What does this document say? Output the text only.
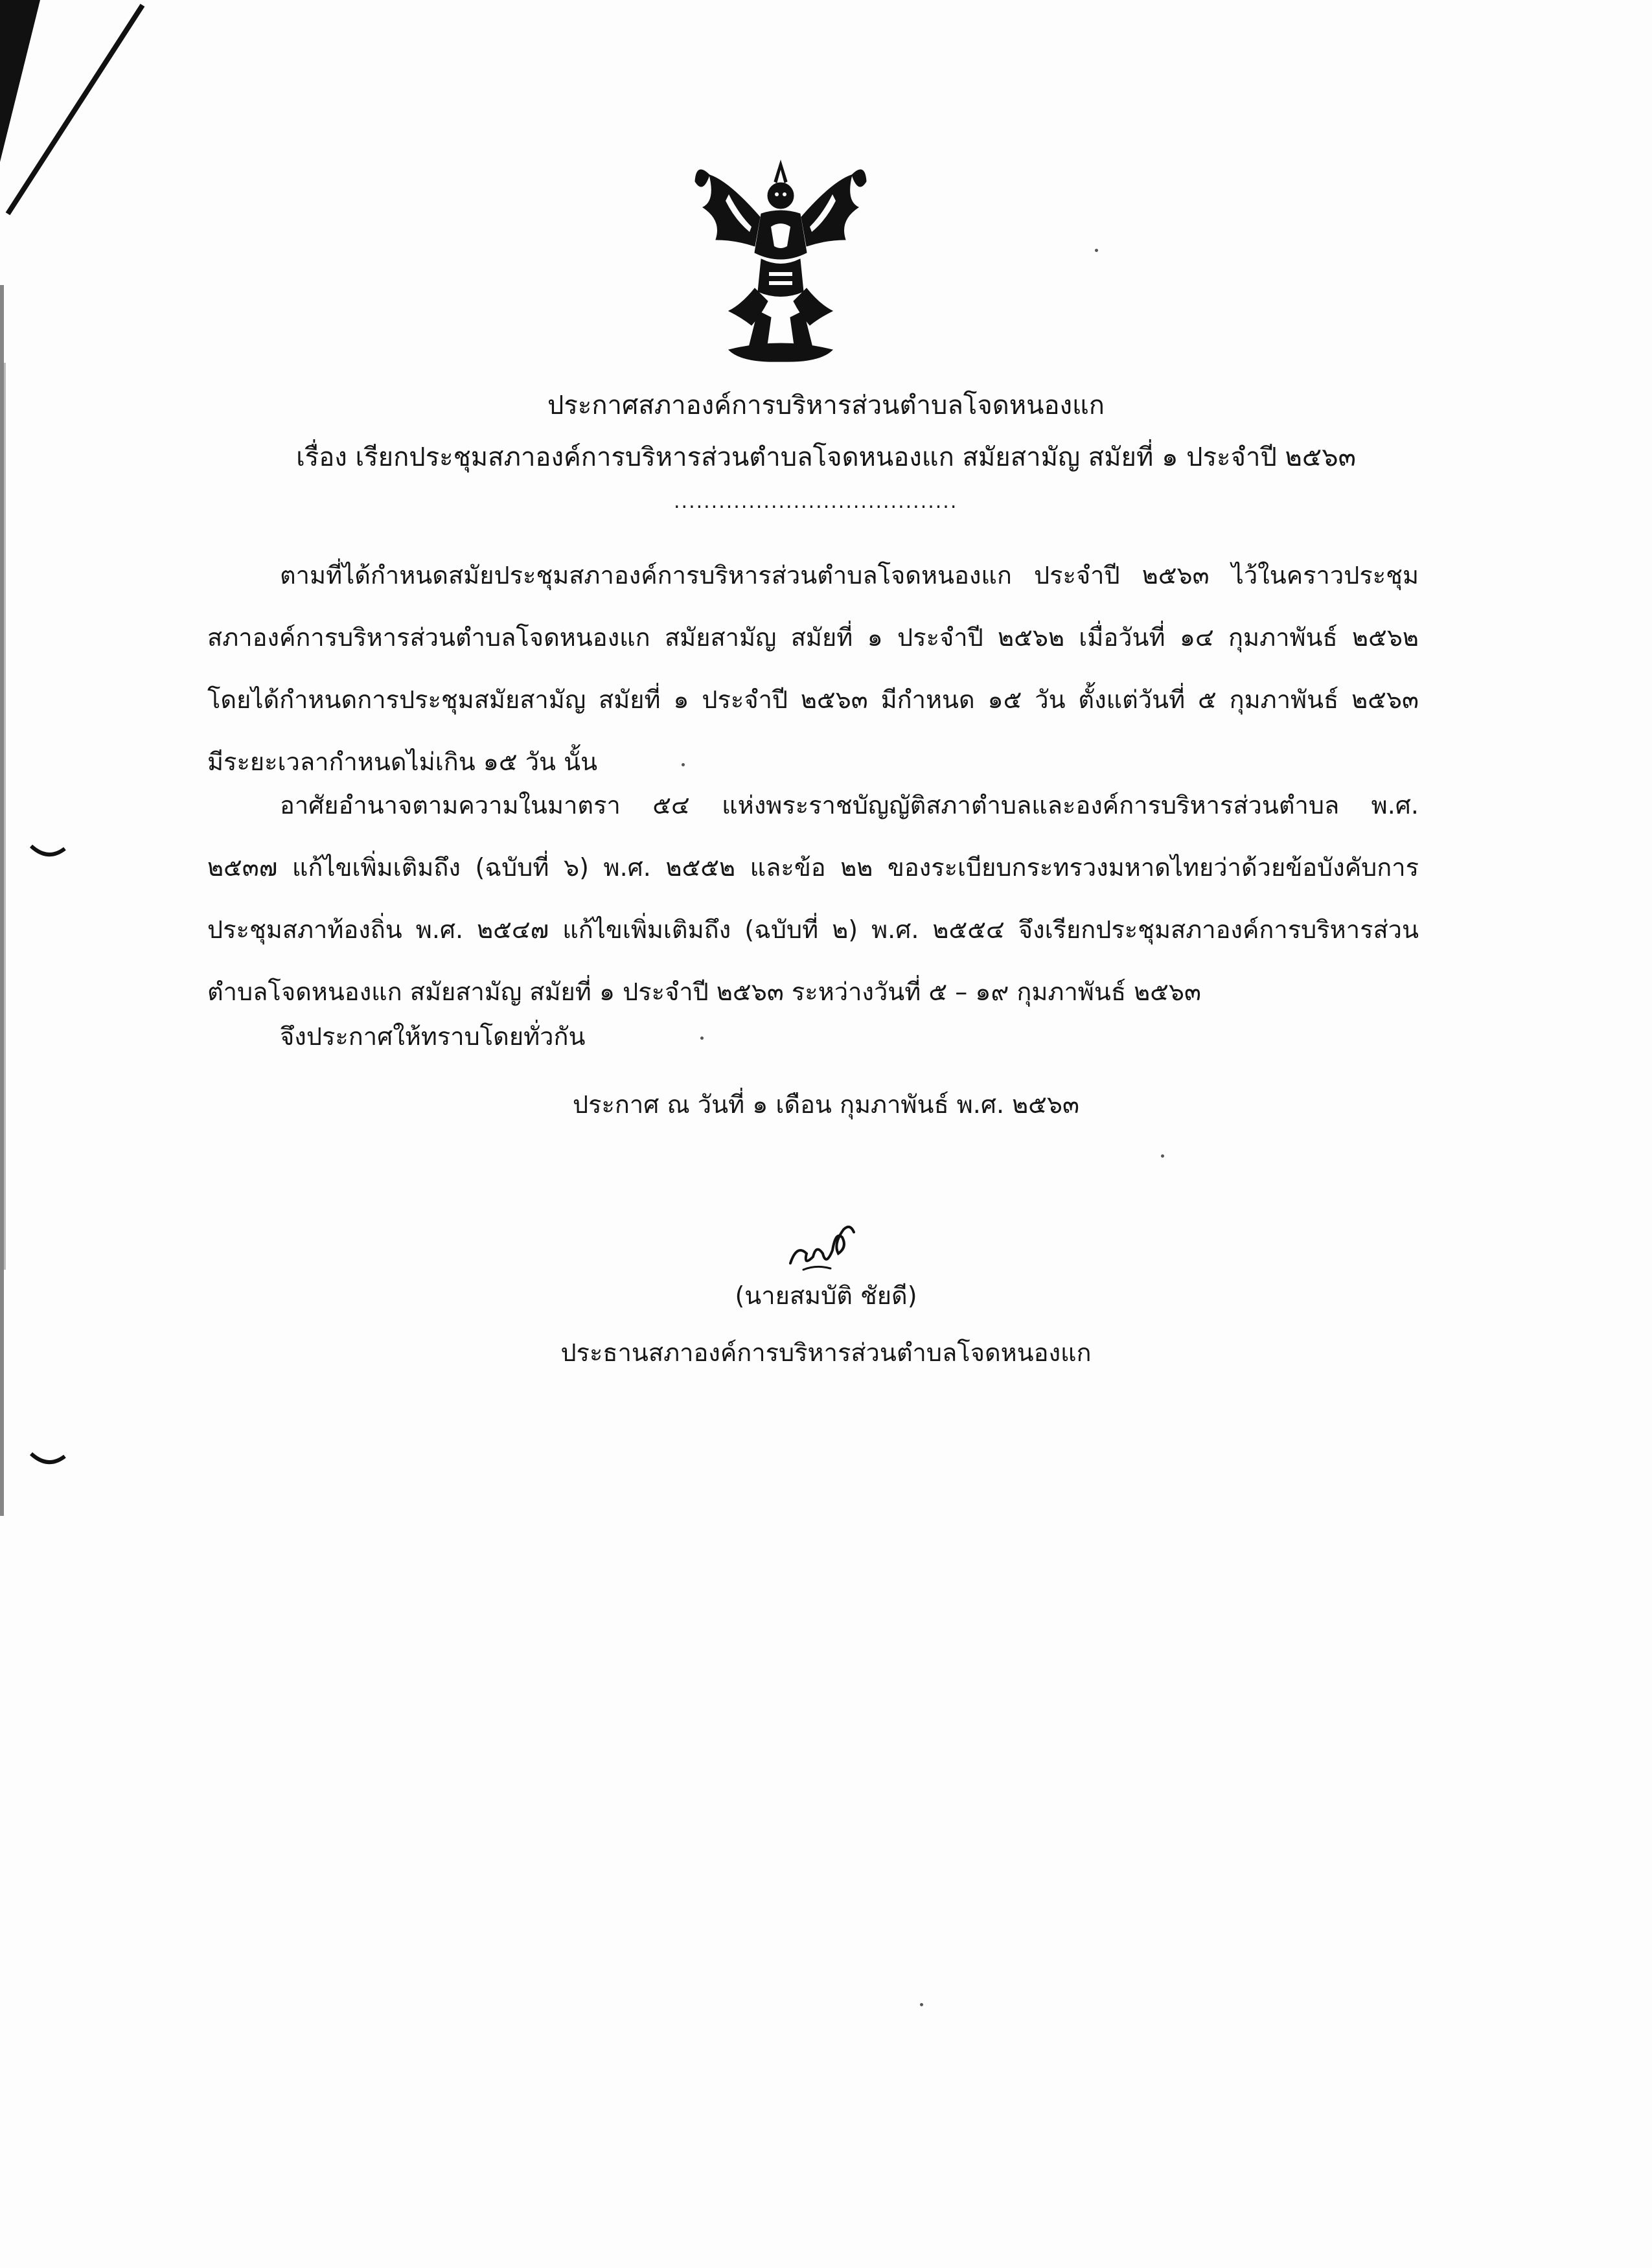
ประกาศสภาองค์การบริหารส่วนตำบลโจดหนองแก
เรื่อง เรียกประชุมสภาองค์การบริหารส่วนตำบลโจดหนองแก สมัยสามัญ สมัยที่ ๑ ประจำปี ๒๕๖๓
......................................
ตามที่ได้กำหนดสมัยประชุมสภาองค์การบริหารส่วนตำบลโจดหนองแก ประจำปี ๒๕๖๓ ไว้ในคราวประชุม
สภาองค์การบริหารส่วนตำบลโจดหนองแก สมัยสามัญ สมัยที่ ๑ ประจำปี ๒๕๖๒ เมื่อวันที่ ๑๔ กุมภาพันธ์ ๒๕๖๒
โดยได้กำหนดการประชุมสมัยสามัญ สมัยที่ ๑ ประจำปี ๒๕๖๓ มีกำหนด ๑๕ วัน ตั้งแต่วันที่ ๕ กุมภาพันธ์ ๒๕๖๓
มีระยะเวลากำหนดไม่เกิน ๑๕ วัน นั้น
อาศัยอำนาจตามความในมาตรา ๕๔ แห่งพระราชบัญญัติสภาตำบลและองค์การบริหารส่วนตำบล พ.ศ.
๒๕๓๗ แก้ไขเพิ่มเติมถึง (ฉบับที่ ๖) พ.ศ. ๒๕๕๒ และข้อ ๒๒ ของระเบียบกระทรวงมหาดไทยว่าด้วยข้อบังคับการ
ประชุมสภาท้องถิ่น พ.ศ. ๒๕๔๗ แก้ไขเพิ่มเติมถึง (ฉบับที่ ๒) พ.ศ. ๒๕๕๔ จึงเรียกประชุมสภาองค์การบริหารส่วน
ตำบลโจดหนองแก สมัยสามัญ สมัยที่ ๑ ประจำปี ๒๕๖๓ ระหว่างวันที่ ๕ – ๑๙ กุมภาพันธ์ ๒๕๖๓
จึงประกาศให้ทราบโดยทั่วกัน
ประกาศ ณ วันที่ ๑ เดือน กุมภาพันธ์ พ.ศ. ๒๕๖๓
(นายสมบัติ ชัยดี)
ประธานสภาองค์การบริหารส่วนตำบลโจดหนองแก
